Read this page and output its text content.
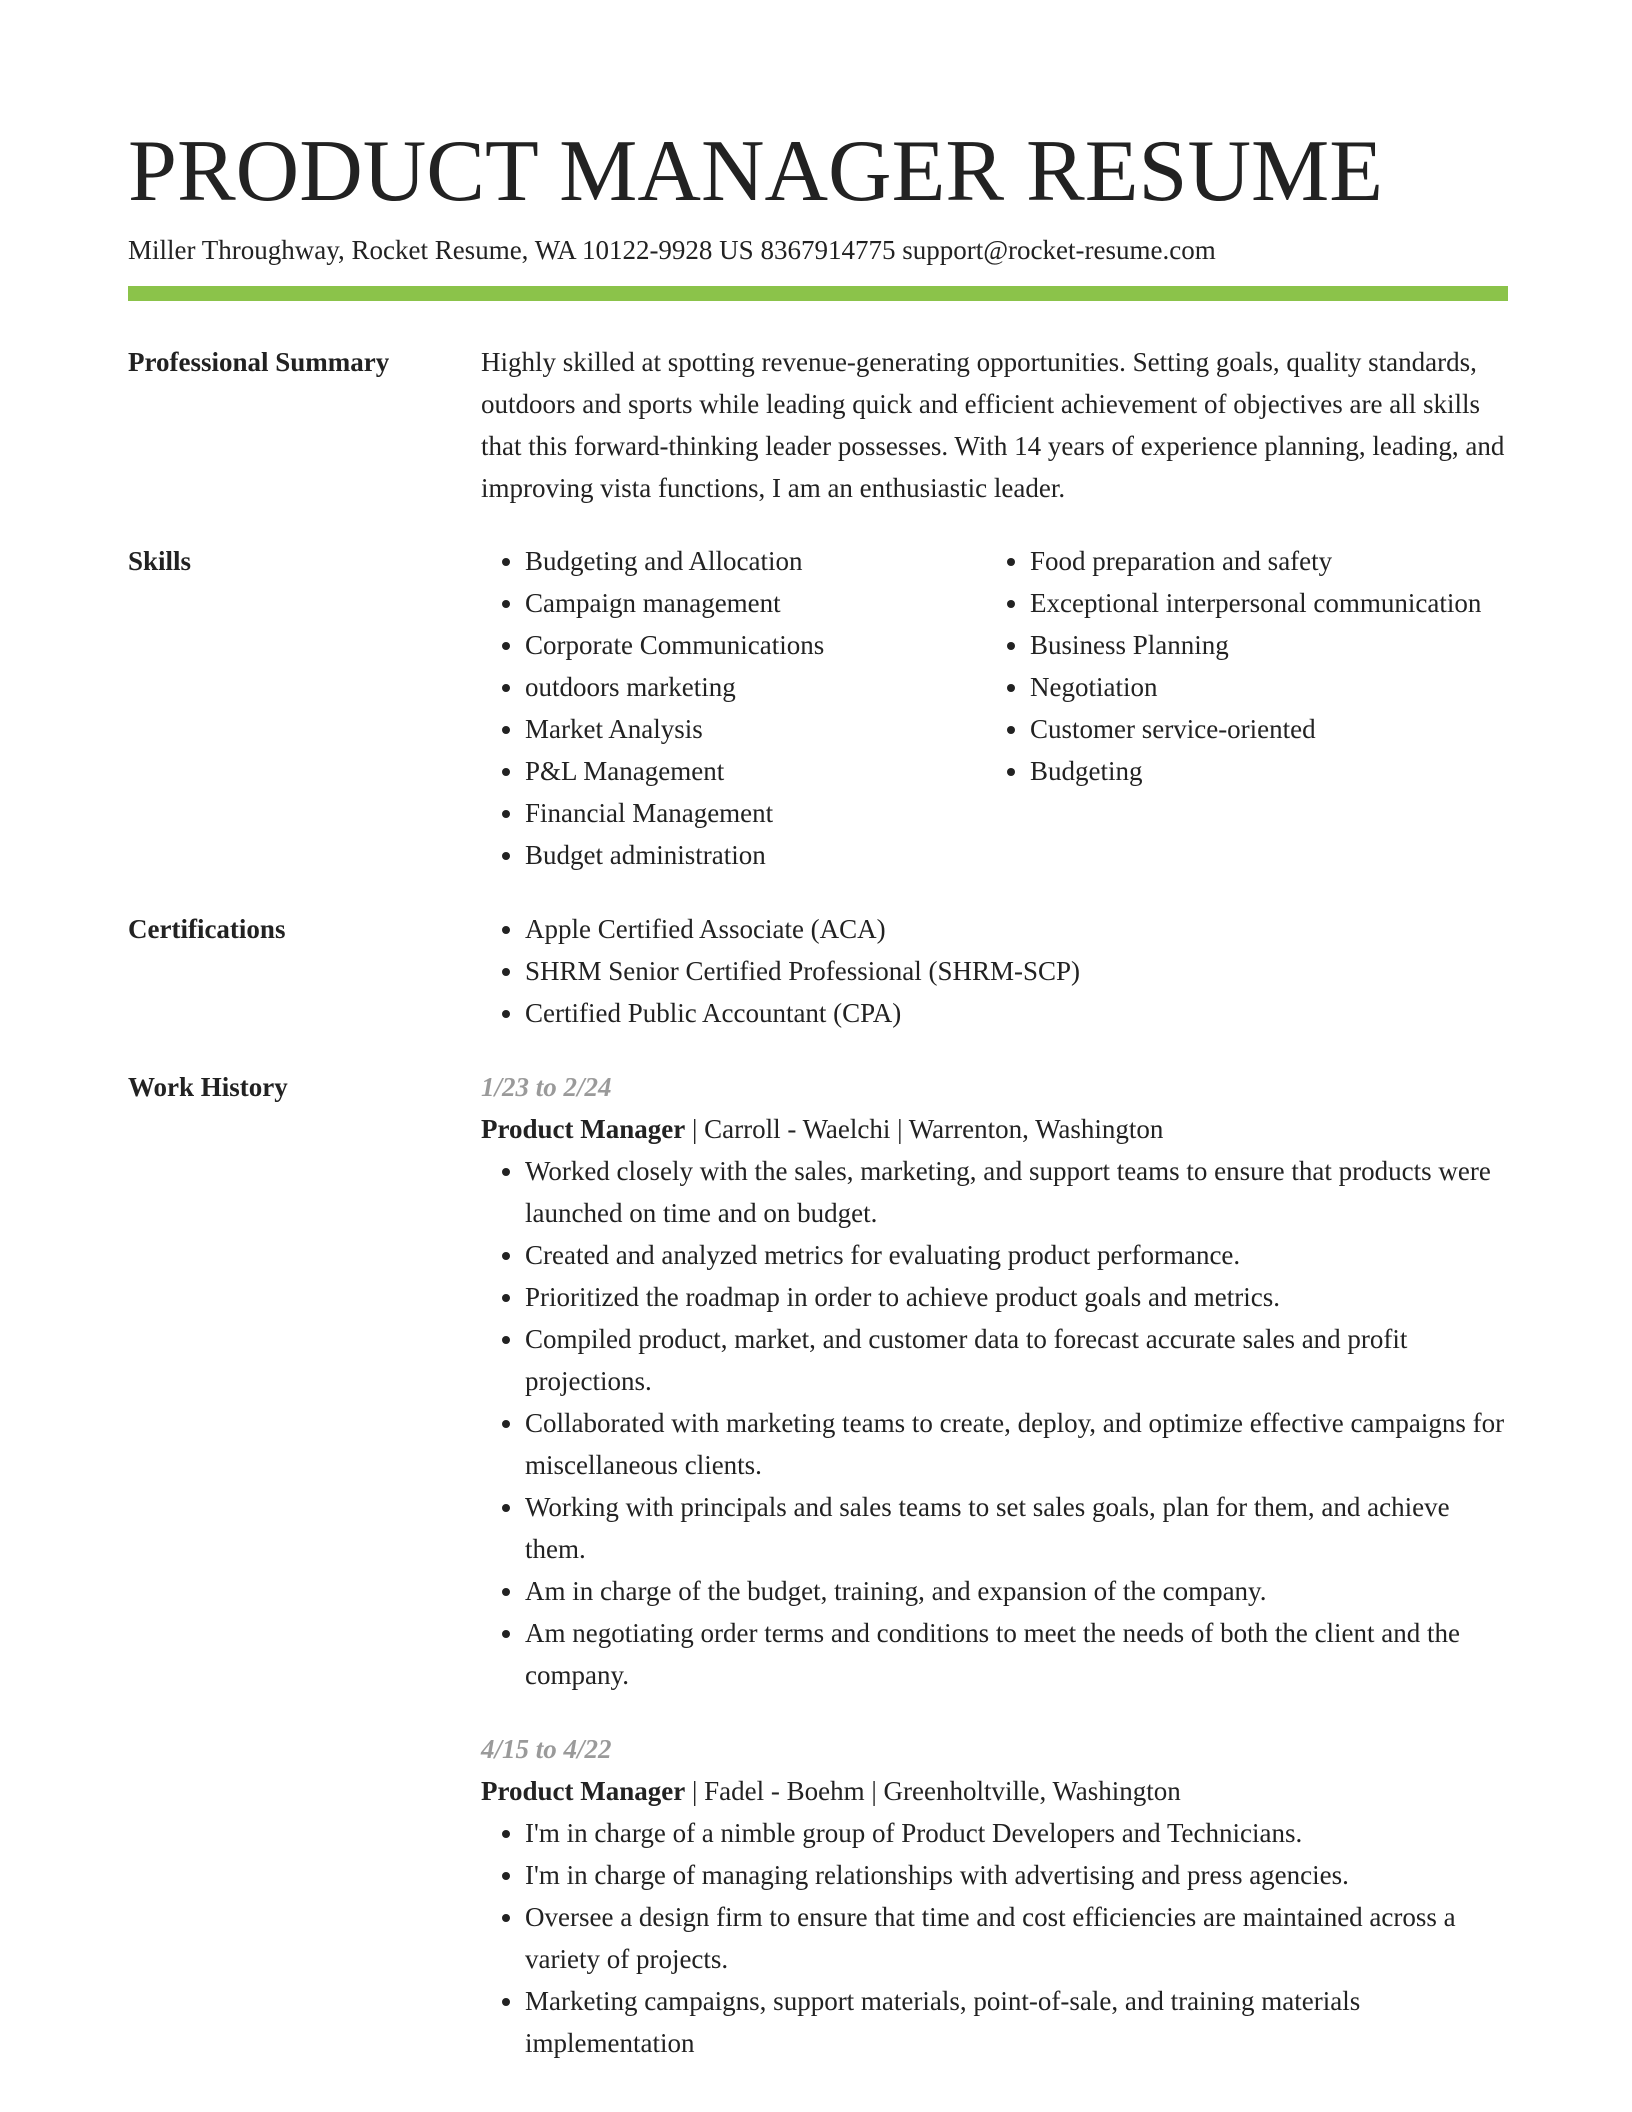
PRODUCT MANAGER RESUME
Miller Throughway, Rocket Resume, WA 10122-9928 US 8367914775 support@rocket-resume.com
Professional Summary	Highly skilled at spotting revenue-generating opportunities. Setting goals, quality standards, outdoors and sports while leading quick and efficient achievement of objectives are all skills that this forward-thinking leader possesses. With 14 years of experience planning, leading, and improving vista functions, I am an enthusiastic leader.

Skills	• Budgeting and Allocation
• Campaign management
• Corporate Communications
• outdoors marketing
• Market Analysis
• P&L Management
• Financial Management
• Budget administration
• Food preparation and safety
• Exceptional interpersonal communication
• Business Planning
• Negotiation
• Customer service-oriented
• Budgeting
Certifications	• Apple Certified Associate (ACA)
• SHRM Senior Certified Professional (SHRM-SCP)
• Certified Public Accountant (CPA)
Work History	1/23 to 2/24
Product Manager | Carroll - Waelchi | Warrenton, Washington
• Worked closely with the sales, marketing, and support teams to ensure that products were launched on time and on budget.
• Created and analyzed metrics for evaluating product performance.
• Prioritized the roadmap in order to achieve product goals and metrics.
• Compiled product, market, and customer data to forecast accurate sales and profit projections.
• Collaborated with marketing teams to create, deploy, and optimize effective campaigns for miscellaneous clients.
• Working with principals and sales teams to set sales goals, plan for them, and achieve them.
• Am in charge of the budget, training, and expansion of the company.
• Am negotiating order terms and conditions to meet the needs of both the client and the company.
4/15 to 4/22
Product Manager | Fadel - Boehm | Greenholtville, Washington
• I'm in charge of a nimble group of Product Developers and Technicians.
• I'm in charge of managing relationships with advertising and press agencies.
• Oversee a design firm to ensure that time and cost efficiencies are maintained across a variety of projects.
• Marketing campaigns, support materials, point-of-sale, and training materials implementation
